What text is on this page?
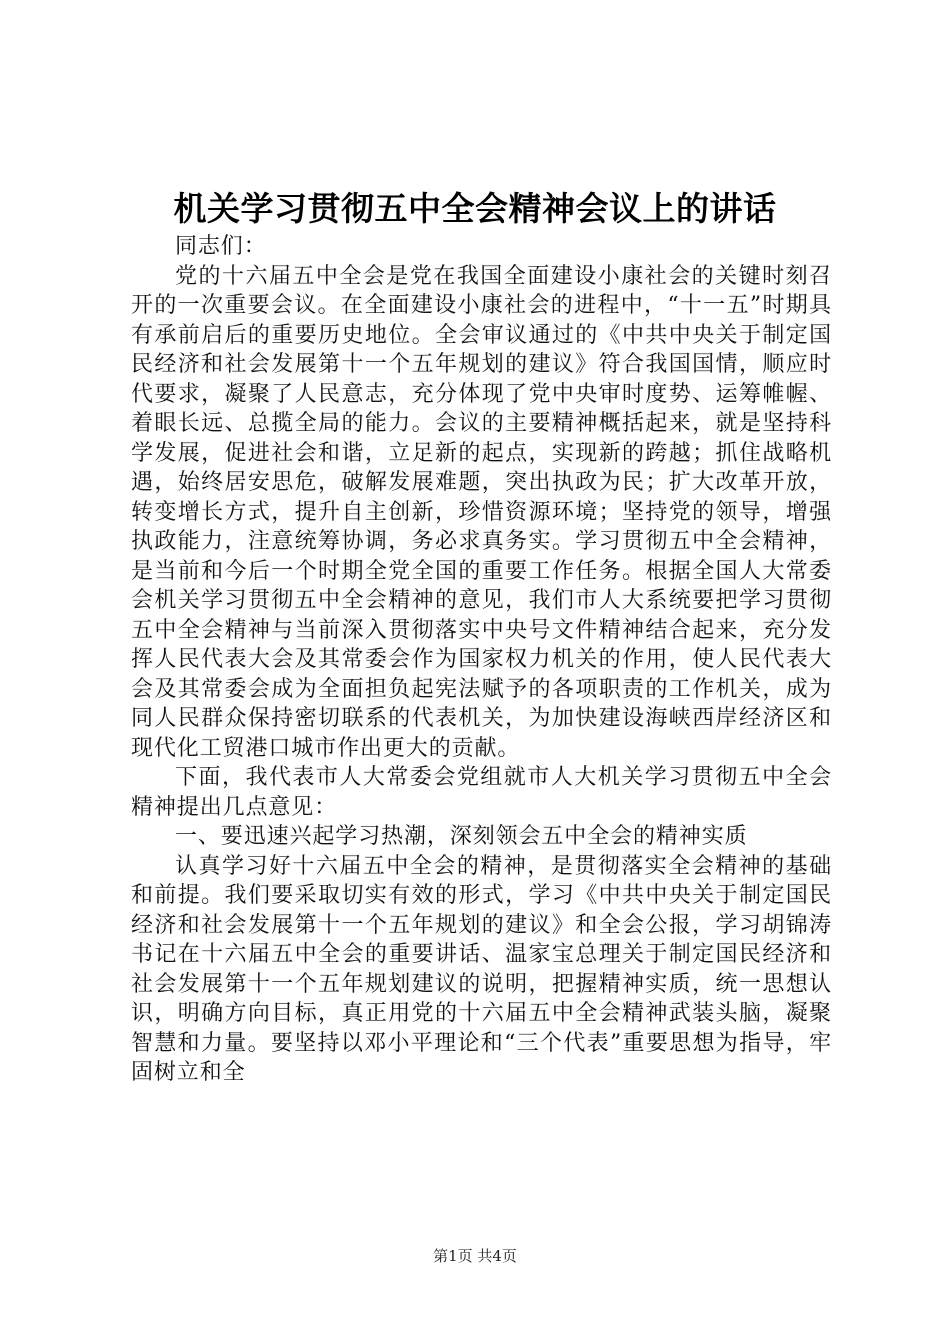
机关学习贯彻五中全会精神会议上的讲话

同志们：

党的十六届五中全会是党在我国全面建设小康社会的关键时刻召开的一次重要会议。在全面建设小康社会的进程中，“十一五”时期具有承前启后的重要历史地位。全会审议通过的《中共中央关于制定国民经济和社会发展第十一个五年规划的建议》符合我国国情，顺应时代要求，凝聚了人民意志，充分体现了党中央审时度势、运筹帷幄、着眼长远、总揽全局的能力。会议的主要精神概括起来，就是坚持科学发展，促进社会和谐，立足新的起点，实现新的跨越；抓住战略机遇，始终居安思危，破解发展难题，突出执政为民；扩大改革开放，转变增长方式，提升自主创新，珍惜资源环境；坚持党的领导，增强执政能力，注意统筹协调，务必求真务实。学习贯彻五中全会精神，是当前和今后一个时期全党全国的重要工作任务。根据全国人大常委会机关学习贯彻五中全会精神的意见，我们市人大系统要把学习贯彻五中全会精神与当前深入贯彻落实中央号文件精神结合起来，充分发挥人民代表大会及其常委会作为国家权力机关的作用，使人民代表大会及其常委会成为全面担负起宪法赋予的各项职责的工作机关，成为同人民群众保持密切联系的代表机关，为加快建设海峡西岸经济区和现代化工贸港口城市作出更大的贡献。

下面，我代表市人大常委会党组就市人大机关学习贯彻五中全会精神提出几点意见：

一、要迅速兴起学习热潮，深刻领会五中全会的精神实质

认真学习好十六届五中全会的精神，是贯彻落实全会精神的基础和前提。我们要采取切实有效的形式，学习《中共中央关于制定国民经济和社会发展第十一个五年规划的建议》和全会公报，学习胡锦涛书记在十六届五中全会的重要讲话、温家宝总理关于制定国民经济和社会发展第十一个五年规划建议的说明，把握精神实质，统一思想认识，明确方向目标，真正用党的十六届五中全会精神武装头脑，凝聚智慧和力量。要坚持以邓小平理论和“三个代表”重要思想为指导，牢固树立和全

第1页 共4页
